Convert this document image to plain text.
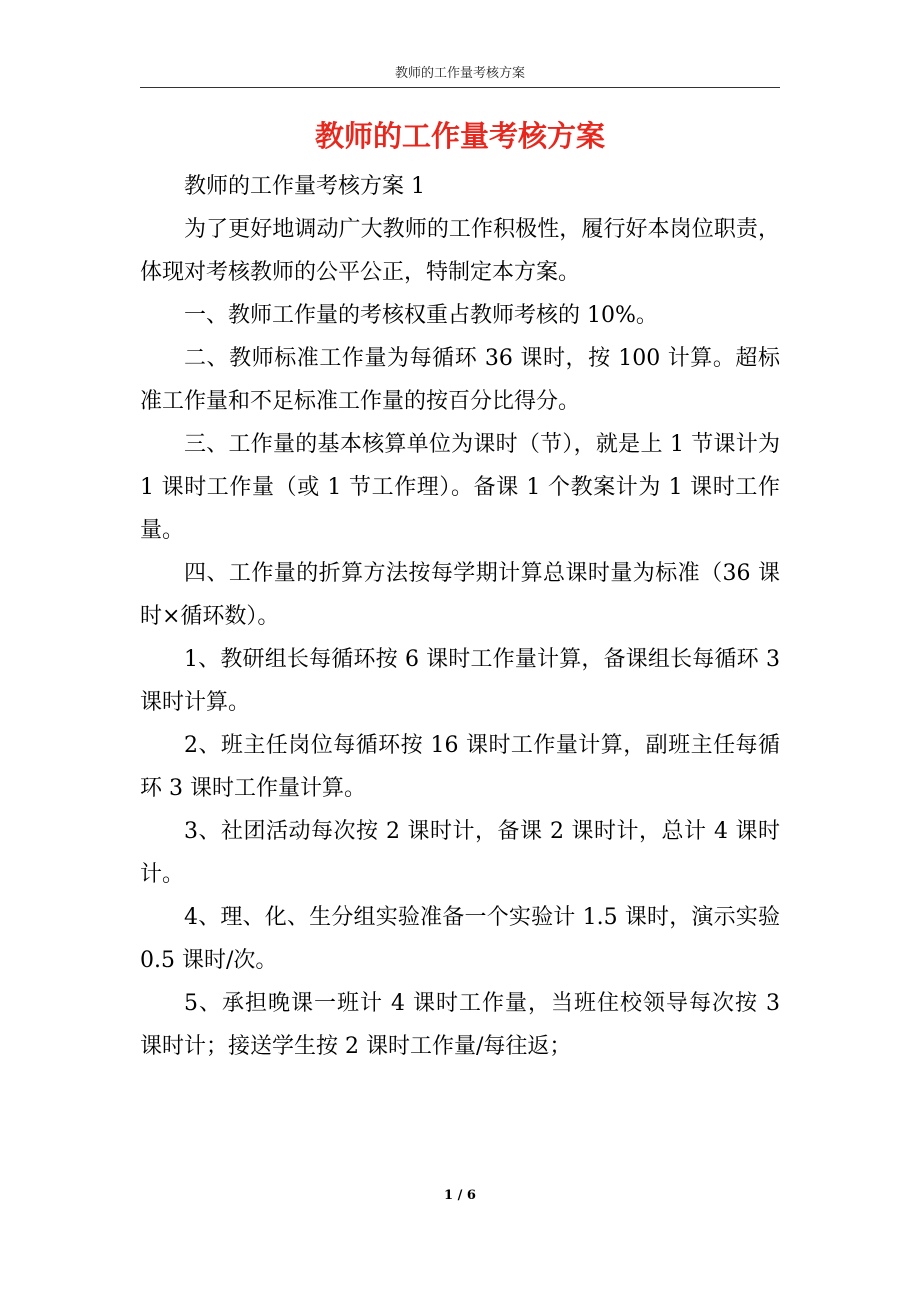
教师的工作量考核方案
教师的工作量考核方案

教师的工作量考核方案 1

为了更好地调动广大教师的工作积极性，履行好本岗位职责，体现对考核教师的公平公正，特制定本方案。

一、教师工作量的考核权重占教师考核的 10%。

二、教师标准工作量为每循环 36 课时，按 100 计算。超标准工作量和不足标准工作量的按百分比得分。

三、工作量的基本核算单位为课时（节），就是上 1 节课计为 1 课时工作量（或 1 节工作理）。备课 1 个教案计为 1 课时工作量。

四、工作量的折算方法按每学期计算总课时量为标准（36 课时×循环数）。

1、教研组长每循环按 6 课时工作量计算，备课组长每循环 3 课时计算。

2、班主任岗位每循环按 16 课时工作量计算，副班主任每循环 3 课时工作量计算。

3、社团活动每次按 2 课时计，备课 2 课时计，总计 4 课时计。

4、理、化、生分组实验准备一个实验计 1.5 课时，演示实验 0.5 课时/次。

5、承担晚课一班计 4 课时工作量，当班住校领导每次按 3 课时计；接送学生按 2 课时工作量/每往返；

1 / 6
